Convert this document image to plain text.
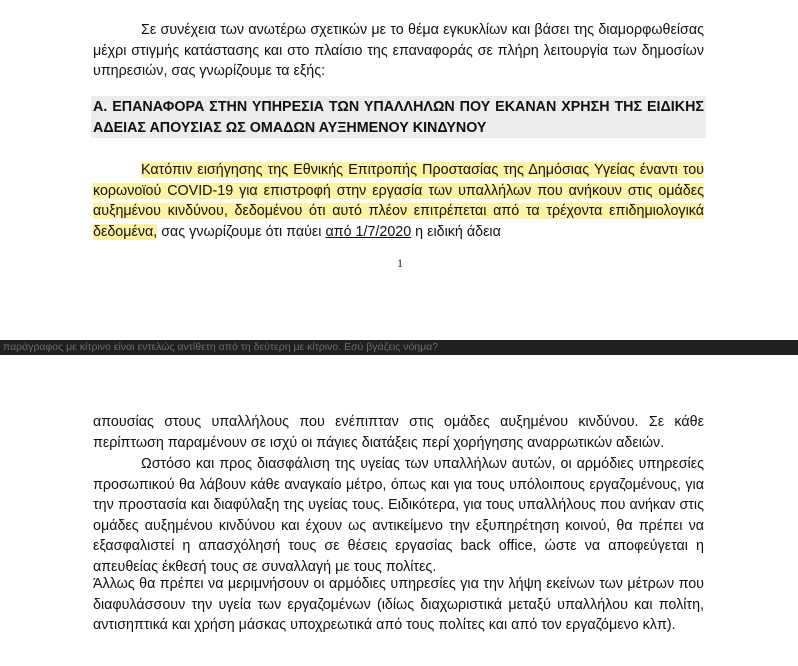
Σε συνέχεια των ανωτέρω σχετικών με το θέμα εγκυκλίων και βάσει της διαμορφωθείσας μέχρι στιγμής κατάστασης και στο πλαίσιο της επαναφοράς σε πλήρη λειτουργία των δημοσίων υπηρεσιών, σας γνωρίζουμε τα εξής:

Α. ΕΠΑΝΑΦΟΡΑ ΣΤΗΝ ΥΠΗΡΕΣΙΑ ΤΩΝ ΥΠΑΛΛΗΛΩΝ ΠΟΥ ΕΚΑΝΑΝ ΧΡΗΣΗ ΤΗΣ ΕΙΔΙΚΗΣ ΑΔΕΙΑΣ ΑΠΟΥΣΙΑΣ ΩΣ ΟΜΑΔΩΝ ΑΥΞΗΜΕΝΟΥ ΚΙΝΔΥΝΟΥ

Κατόπιν εισήγησης της Εθνικής Επιτροπής Προστασίας της Δημόσιας Υγείας έναντι του κορωνοϊού COVID-19 για επιστροφή στην εργασία των υπαλλήλων που ανήκουν στις ομάδες αυξημένου κινδύνου, δεδομένου ότι αυτό πλέον επιτρέπεται από τα τρέχοντα επιδημιολογικά δεδομένα, σας γνωρίζουμε ότι παύει από 1/7/2020 η ειδική άδεια

1
παράγραφος με κίτρινο είναι εντελώς αντίθετη από τη δεύτερη με κίτρινο. Εσύ βγάζεις νόημα?

απουσίας στους υπαλλήλους που ενέπιπταν στις ομάδες αυξημένου κινδύνου. Σε κάθε περίπτωση παραμένουν σε ισχύ οι πάγιες διατάξεις περί χορήγησης αναρρωτικών αδειών.

Ωστόσο και προς διασφάλιση της υγείας των υπαλλήλων αυτών, οι αρμόδιες υπηρεσίες προσωπικού θα λάβουν κάθε αναγκαίο μέτρο, όπως και για τους υπόλοιπους εργαζομένους, για την προστασία και διαφύλαξη της υγείας τους. Ειδικότερα, για τους υπαλλήλους που ανήκαν στις ομάδες αυξημένου κινδύνου και έχουν ως αντικείμενο την εξυπηρέτηση κοινού, θα πρέπει να εξασφαλιστεί η απασχόλησή τους σε θέσεις εργασίας back office, ώστε να αποφεύγεται η απευθείας έκθεσή τους σε συναλλαγή με τους πολίτες.

Άλλως θα πρέπει να μεριμνήσουν οι αρμόδιες υπηρεσίες για την λήψη εκείνων των μέτρων που διαφυλάσσουν την υγεία των εργαζομένων (ιδίως διαχωριστικά μεταξύ υπαλλήλου και πολίτη, αντισηπτικά και χρήση μάσκας υποχρεωτικά από τους πολίτες και από τον εργαζόμενο κλπ).
